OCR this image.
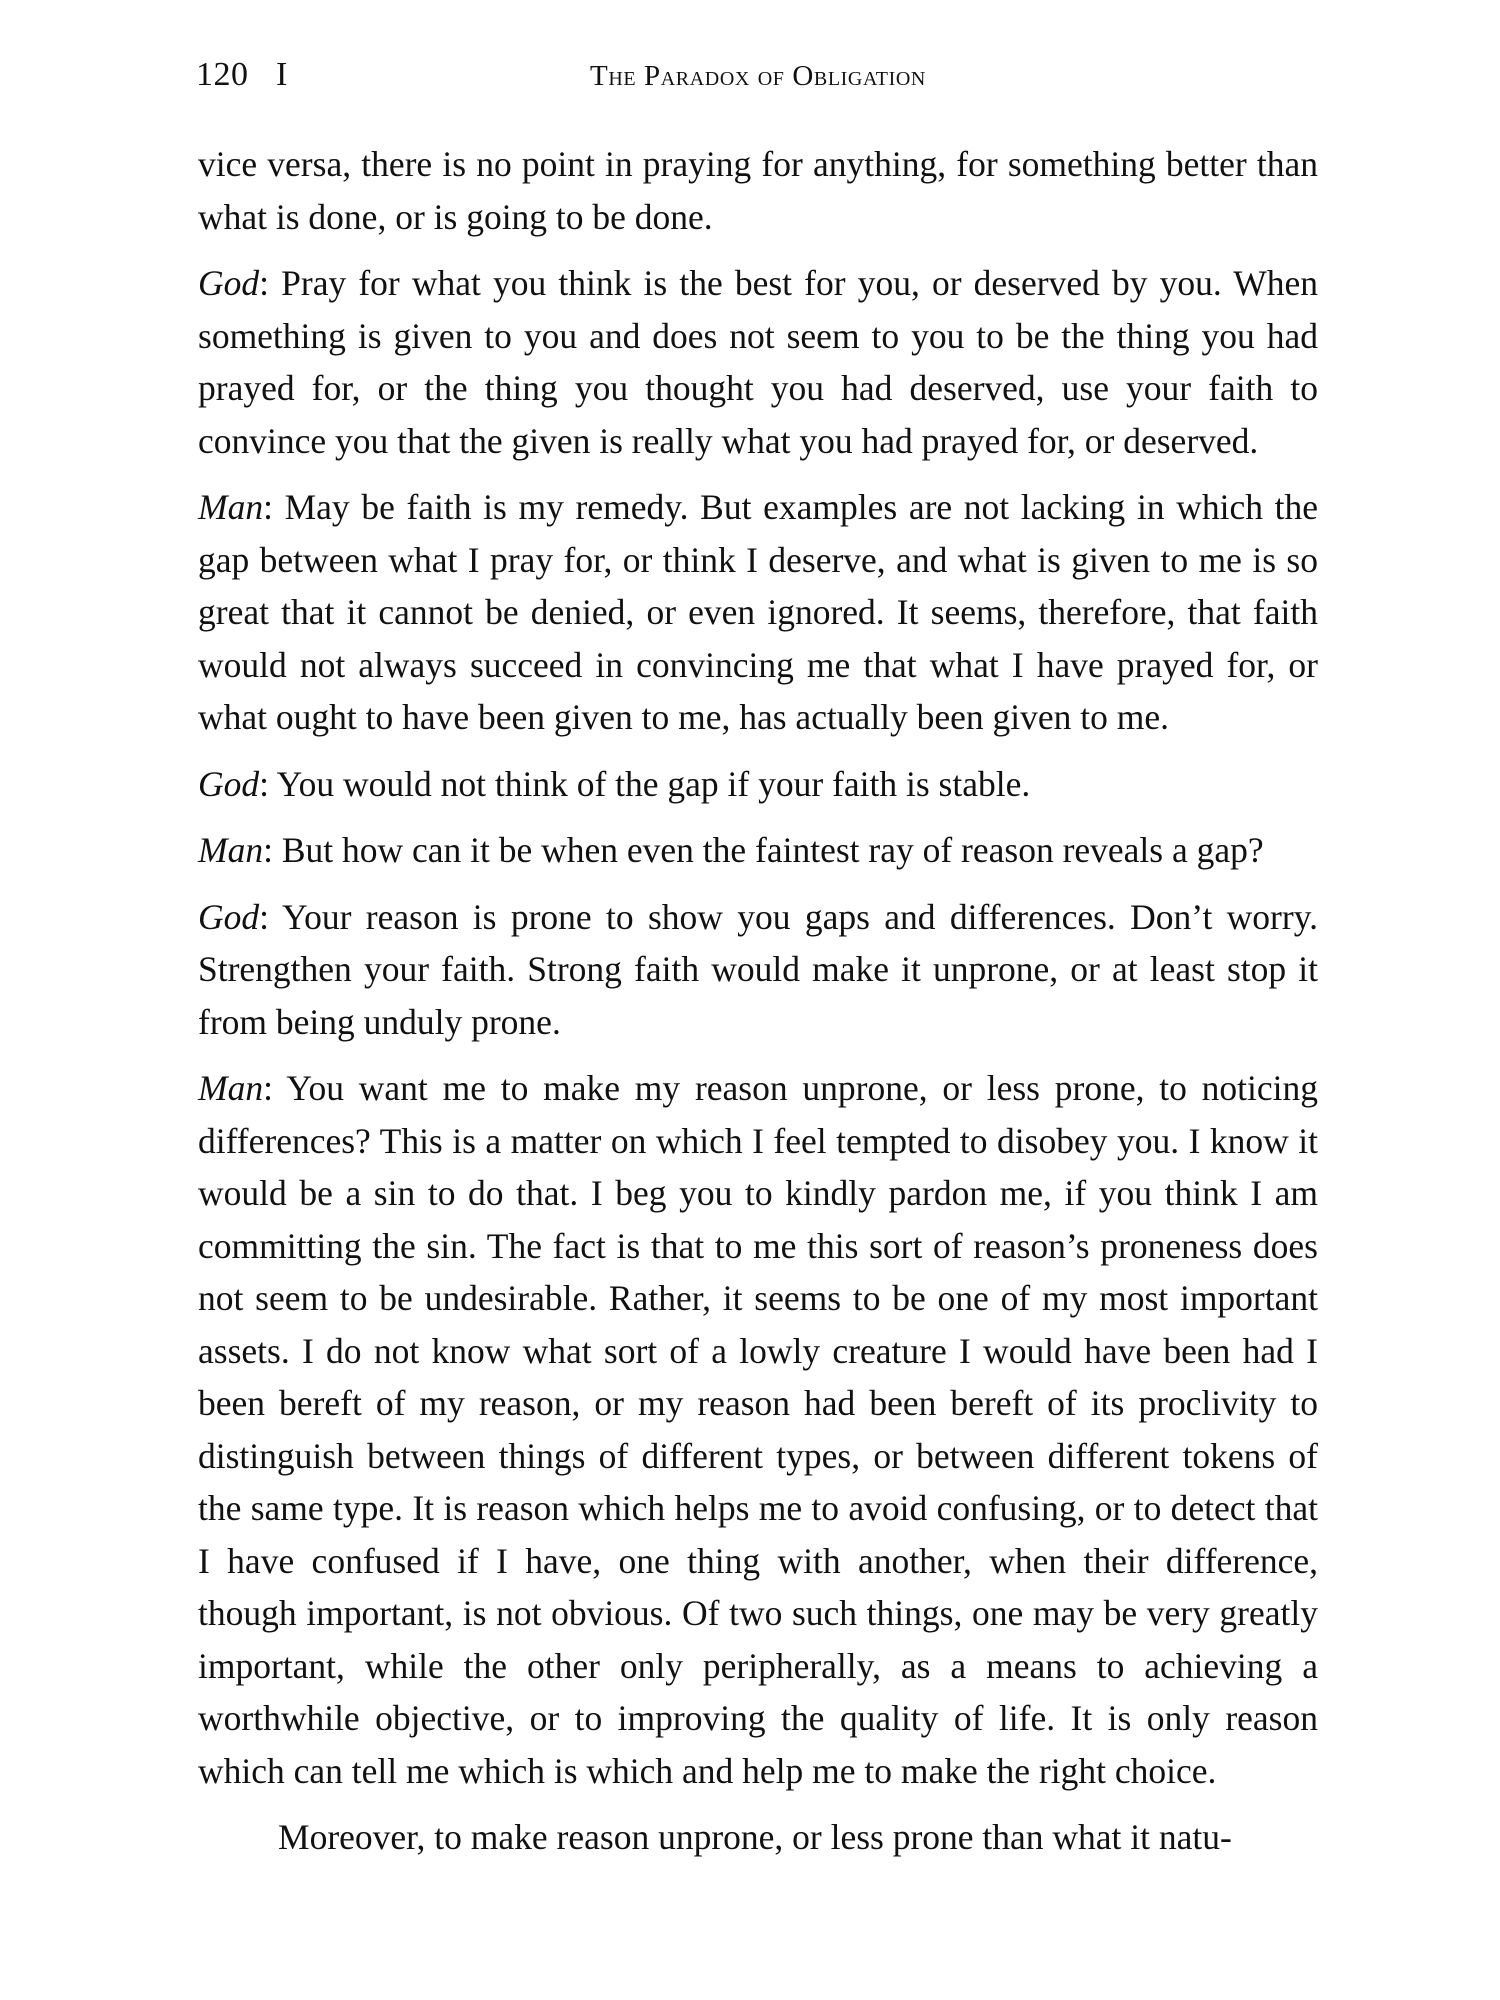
120 I	The Paradox of Obligation

vice versa, there is no point in praying for anything, for something better than what is done, or is going to be done.

God: Pray for what you think is the best for you, or deserved by you. When something is given to you and does not seem to you to be the thing you had prayed for, or the thing you thought you had deserved, use your faith to convince you that the given is really what you had prayed for, or deserved.

Man: May be faith is my remedy. But examples are not lacking in which the gap between what I pray for, or think I deserve, and what is given to me is so great that it cannot be denied, or even ignored. It seems, therefore, that faith would not always succeed in convincing me that what I have prayed for, or what ought to have been given to me, has actually been given to me.

God: You would not think of the gap if your faith is stable.

Man: But how can it be when even the faintest ray of reason reveals a gap?

God: Your reason is prone to show you gaps and differences. Don’t worry. Strengthen your faith. Strong faith would make it unprone, or at least stop it from being unduly prone.

Man: You want me to make my reason unprone, or less prone, to noticing differences? This is a matter on which I feel tempted to disobey you. I know it would be a sin to do that. I beg you to kindly pardon me, if you think I am committing the sin. The fact is that to me this sort of reason’s proneness does not seem to be undesirable. Rather, it seems to be one of my most important assets. I do not know what sort of a lowly creature I would have been had I been bereft of my reason, or my reason had been bereft of its proclivity to distinguish between things of different types, or between different tokens of the same type. It is reason which helps me to avoid confusing, or to detect that I have confused if I have, one thing with another, when their difference, though important, is not obvious. Of two such things, one may be very greatly important, while the other only peripherally, as a means to achieving a worthwhile objective, or to improving the quality of life. It is only reason which can tell me which is which and help me to make the right choice.

Moreover, to make reason unprone, or less prone than what it natu-
